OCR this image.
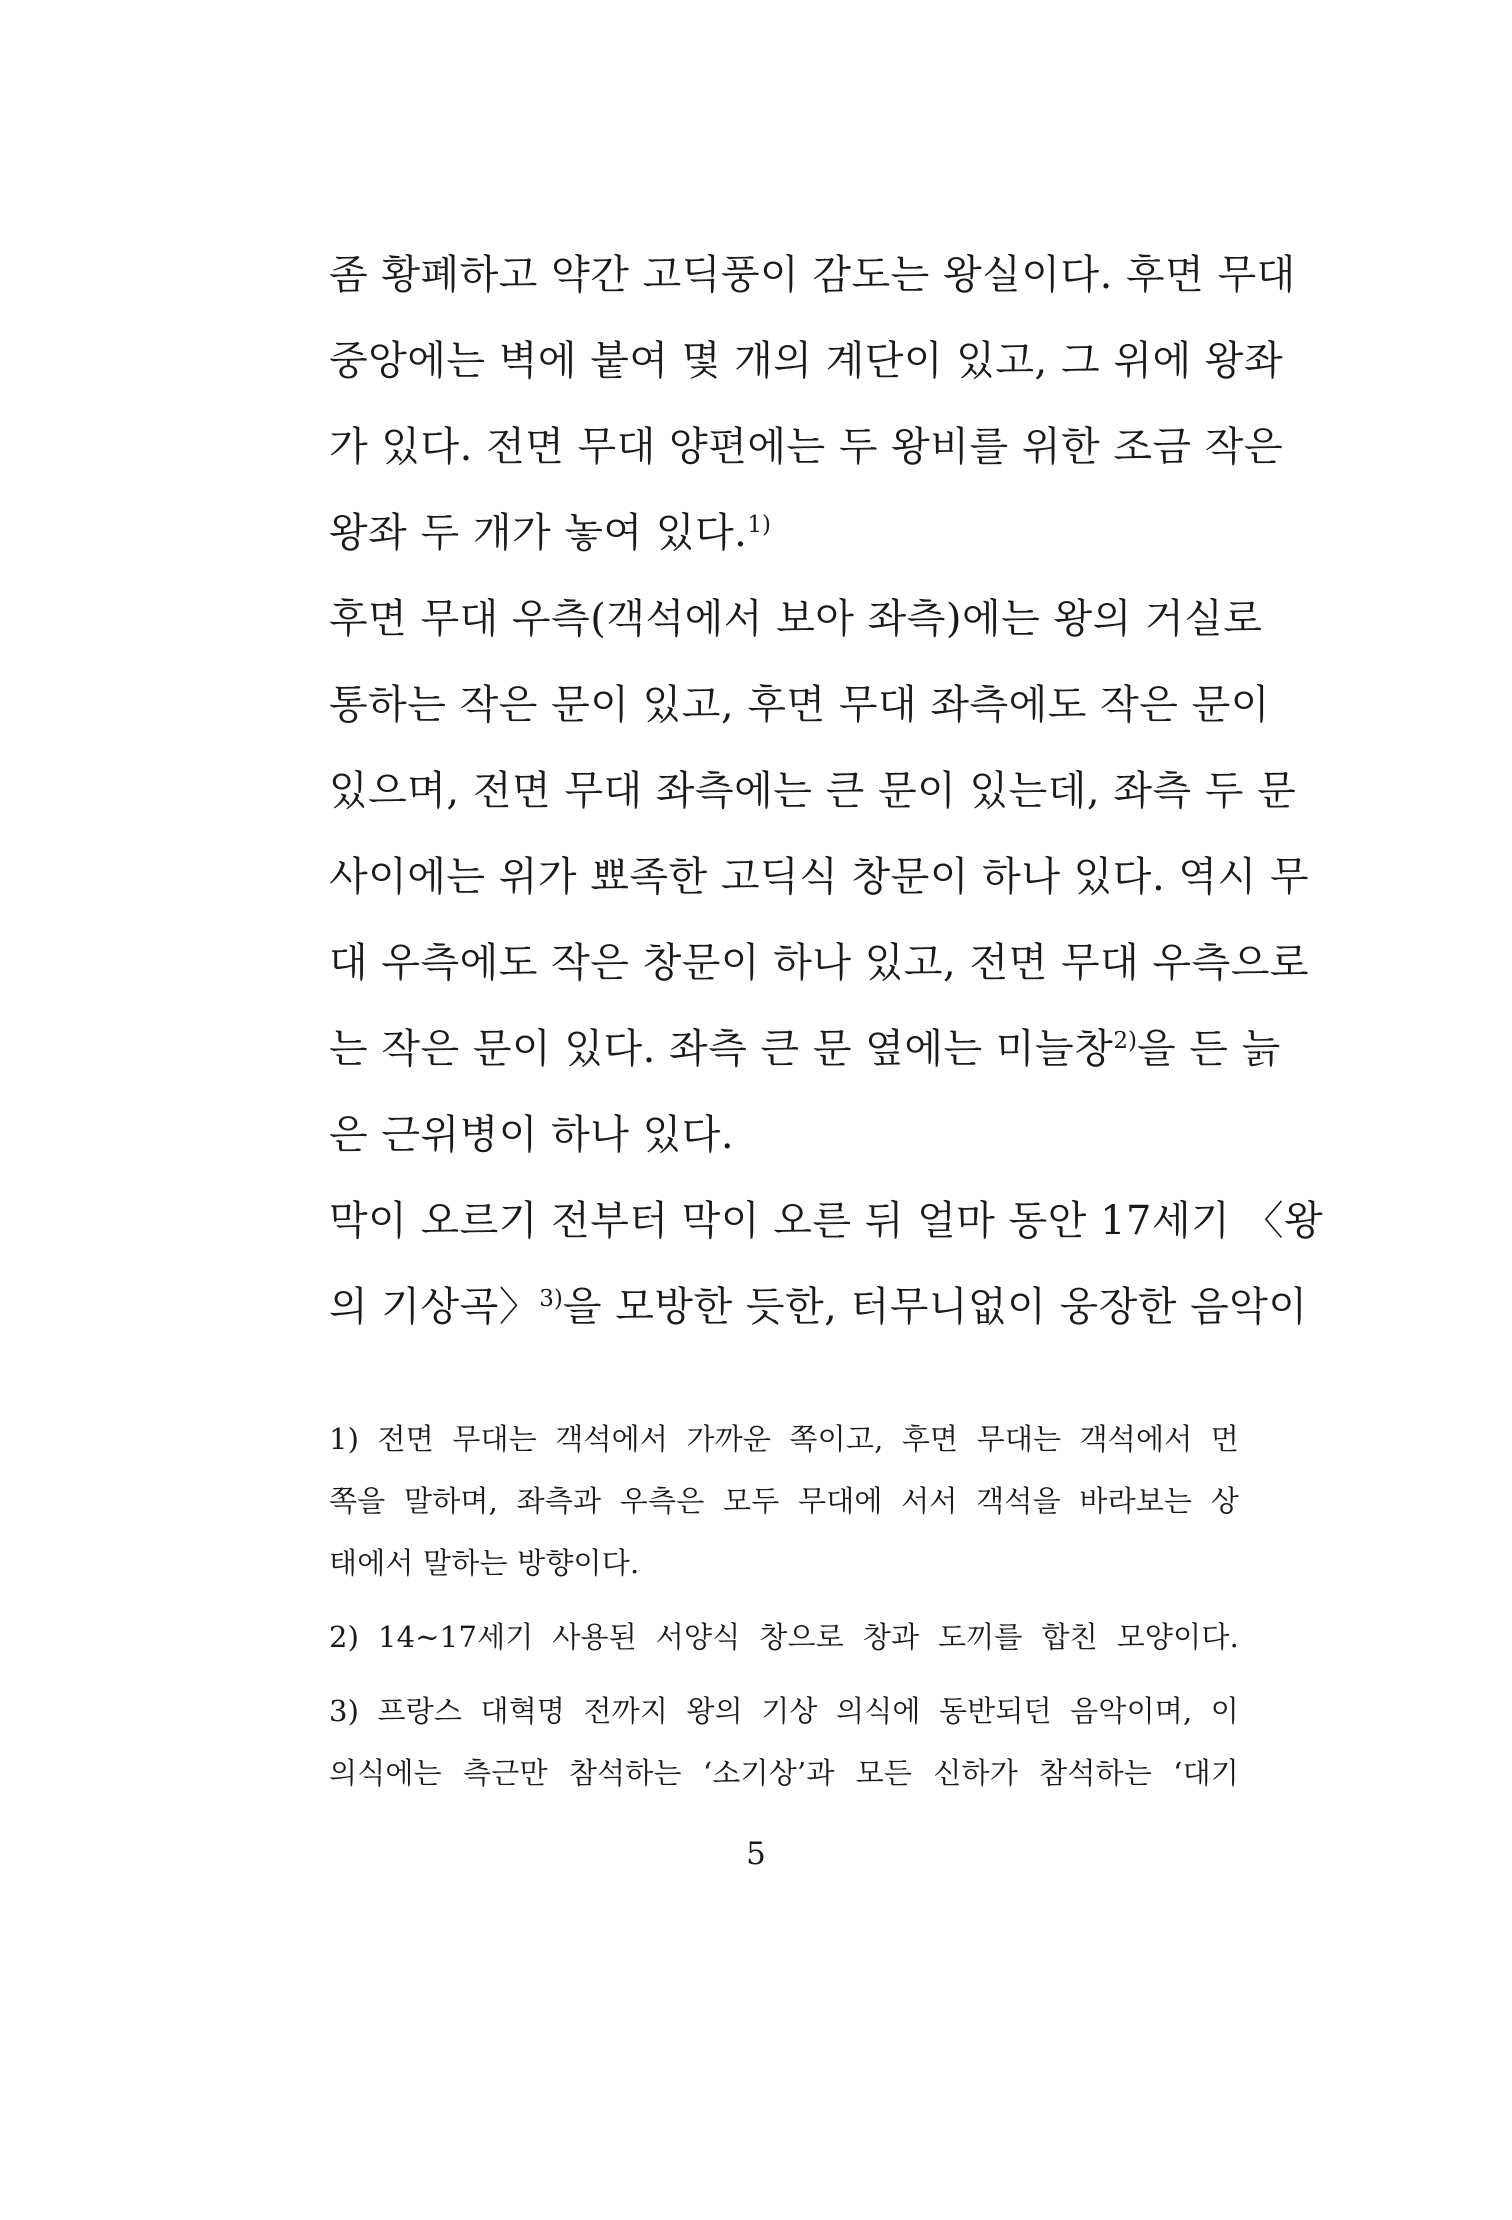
좀 황폐하고 약간 고딕풍이 감도는 왕실이다. 후면 무대
중앙에는 벽에 붙여 몇 개의 계단이 있고, 그 위에 왕좌
가 있다. 전면 무대 양편에는 두 왕비를 위한 조금 작은
왕좌 두 개가 놓여 있다.$^{1)}$
후면 무대 우측(객석에서 보아 좌측)에는 왕의 거실로
통하는 작은 문이 있고, 후면 무대 좌측에도 작은 문이
있으며, 전면 무대 좌측에는 큰 문이 있는데, 좌측 두 문
사이에는 위가 뾰족한 고딕식 창문이 하나 있다. 역시 무
대 우측에도 작은 창문이 하나 있고, 전면 무대 우측으로
는 작은 문이 있다. 좌측 큰 문 옆에는 미늘창$^{2)}$을 든 늙
은 근위병이 하나 있다.
막이 오르기 전부터 막이 오른 뒤 얼마 동안 17세기 〈왕
의 기상곡〉$^{3)}$을 모방한 듯한, 터무니없이 웅장한 음악이
1) 전면 무대는 객석에서 가까운 쪽이고, 후면 무대는 객석에서 먼
쪽을 말하며, 좌측과 우측은 모두 무대에 서서 객석을 바라보는 상
태에서 말하는 방향이다.
2) 14∼17세기 사용된 서양식 창으로 창과 도끼를 합친 모양이다.
3) 프랑스 대혁명 전까지 왕의 기상 의식에 동반되던 음악이며, 이
의식에는 측근만 참석하는 ‘소기상’과 모든 신하가 참석하는 ‘대기
5
